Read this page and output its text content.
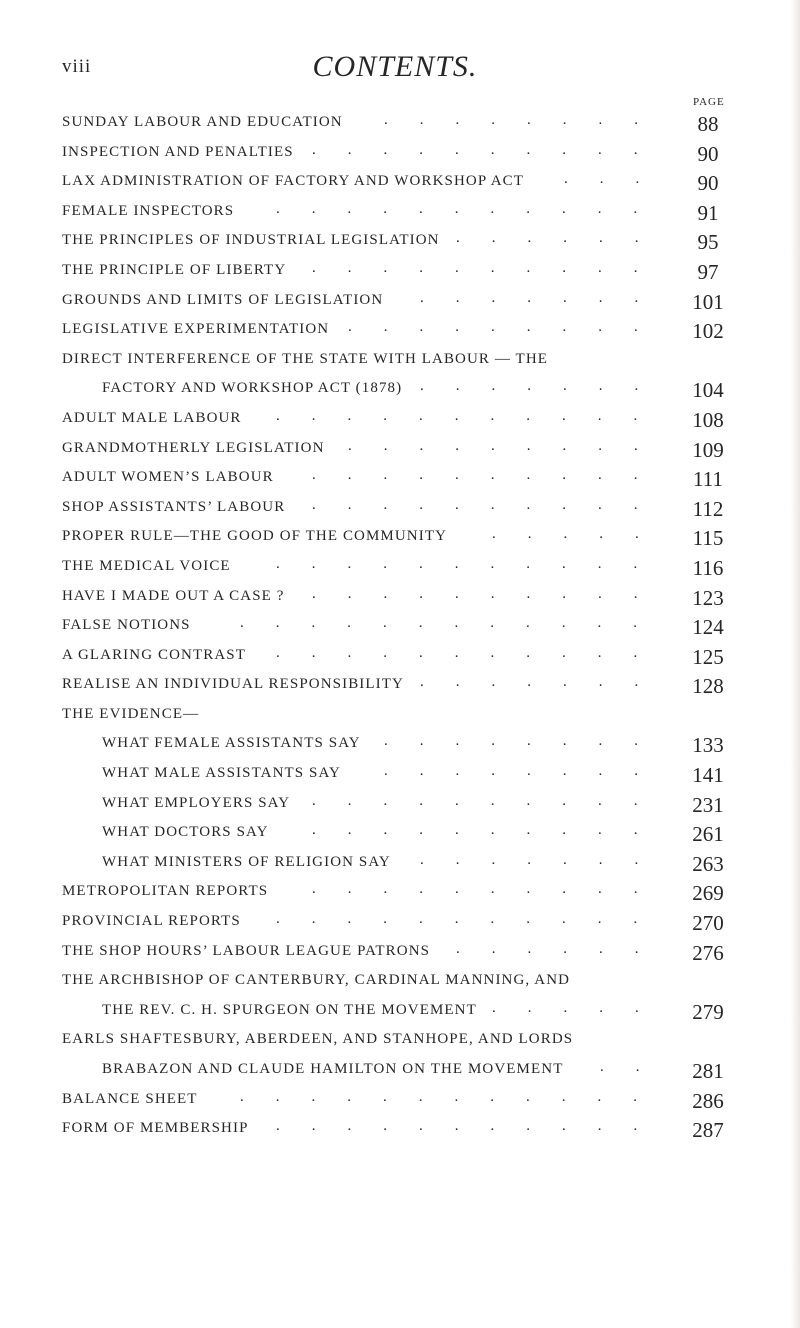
viii	CONTENTS.
PAGE
SUNDAY LABOUR AND EDUCATION	88
........
INSPECTION AND PENALTIES	90
..........
LAX ADMINISTRATION OF FACTORY AND WORKSHOP ACT	90
...
FEMALE INSPECTORS	91
...........
THE PRINCIPLES OF INDUSTRIAL LEGISLATION	95
......
THE PRINCIPLE OF LIBERTY	97
..........
GROUNDS AND LIMITS OF LEGISLATION	101
.......
LEGISLATIVE EXPERIMENTATION	102
.........
DIRECT INTERFERENCE OF THE STATE WITH LABOUR — THE
FACTORY AND WORKSHOP ACT (1878)	104
.......
ADULT MALE LABOUR	108
...........
GRANDMOTHERLY LEGISLATION	109
.........
ADULT WOMEN’S LABOUR	111
..........
SHOP ASSISTANTS’ LABOUR	112
..........
PROPER RULE—THE GOOD OF THE COMMUNITY	115
.....
THE MEDICAL VOICE	116
...........
HAVE I MADE OUT A CASE ?	123
..........
FALSE NOTIONS	124
............
A GLARING CONTRAST	125
...........
REALISE AN INDIVIDUAL RESPONSIBILITY	128
.......
THE EVIDENCE—
WHAT FEMALE ASSISTANTS SAY	133
........
WHAT MALE ASSISTANTS SAY	141
........
WHAT EMPLOYERS SAY	231
..........
WHAT DOCTORS SAY	261
..........
WHAT MINISTERS OF RELIGION SAY	263
.......
METROPOLITAN REPORTS	269
..........
PROVINCIAL REPORTS	270
...........
THE SHOP HOURS’ LABOUR LEAGUE PATRONS	276
......
THE ARCHBISHOP OF CANTERBURY, CARDINAL MANNING, AND
THE REV. C. H. SPURGEON ON THE MOVEMENT	279
.....
EARLS SHAFTESBURY, ABERDEEN, AND STANHOPE, AND LORDS
BRABAZON AND CLAUDE HAMILTON ON THE MOVEMENT	281
..
BALANCE SHEET	286
............
FORM OF MEMBERSHIP	287
...........
